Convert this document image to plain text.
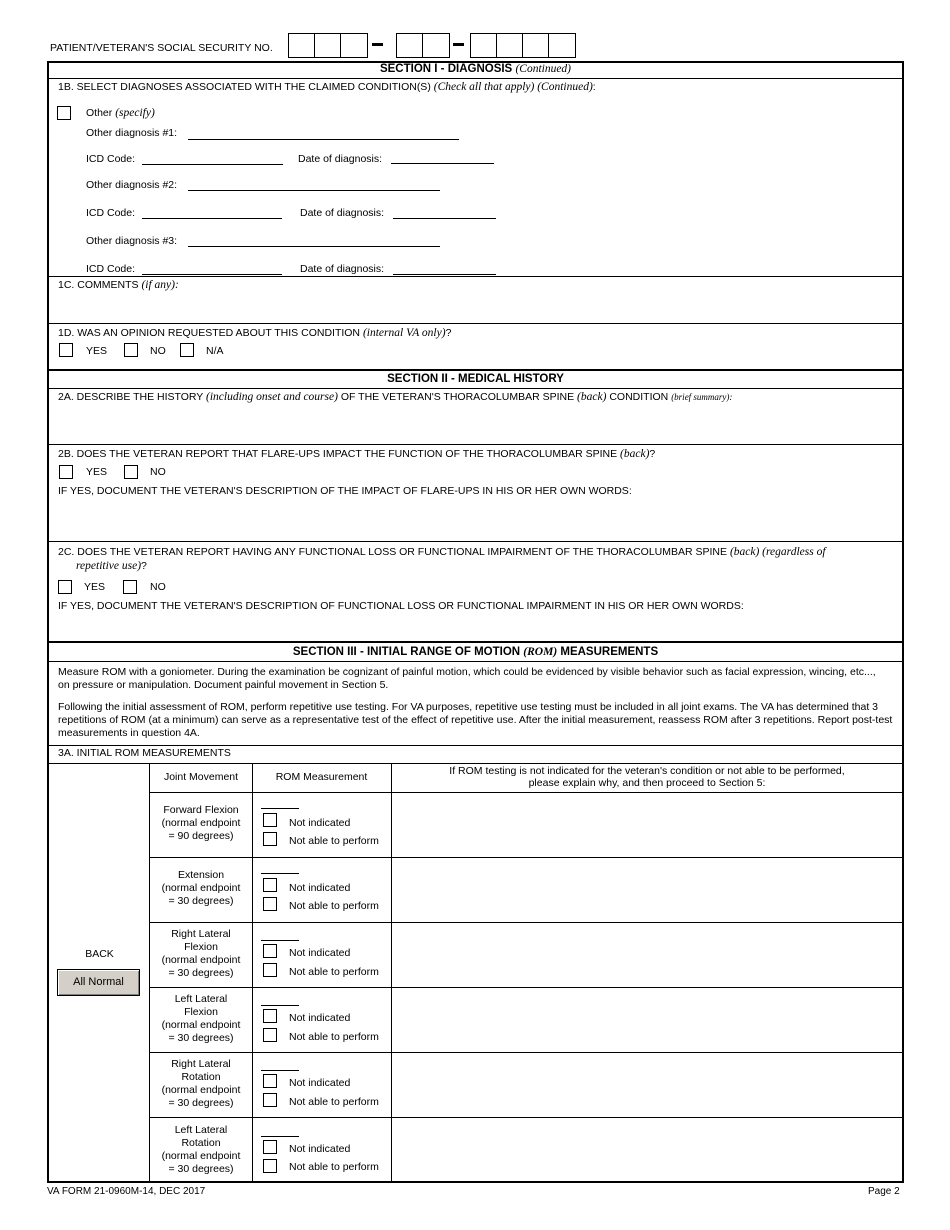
PATIENT/VETERAN'S SOCIAL SECURITY NO.
SECTION I - DIAGNOSIS (Continued)
1B. SELECT DIAGNOSES ASSOCIATED WITH THE CLAIMED CONDITION(S) (Check all that apply) (Continued):
Other (specify)
Other diagnosis #1:
ICD Code:	Date of diagnosis:
Other diagnosis #2:
ICD Code:	Date of diagnosis:
Other diagnosis #3:
ICD Code:	Date of diagnosis:
1C. COMMENTS (if any):
1D. WAS AN OPINION REQUESTED ABOUT THIS CONDITION (internal VA only)?
YES	NO	N/A
SECTION II - MEDICAL HISTORY
2A. DESCRIBE THE HISTORY (including onset and course) OF THE VETERAN'S THORACOLUMBAR SPINE (back) CONDITION (brief summary):
2B. DOES THE VETERAN REPORT THAT FLARE-UPS IMPACT THE FUNCTION OF THE THORACOLUMBAR SPINE (back)?
YES	NO
IF YES, DOCUMENT THE VETERAN'S DESCRIPTION OF THE IMPACT OF FLARE-UPS IN HIS OR HER OWN WORDS:
2C. DOES THE VETERAN REPORT HAVING ANY FUNCTIONAL LOSS OR FUNCTIONAL IMPAIRMENT OF THE THORACOLUMBAR SPINE (back) (regardless of
repetitive use)?
YES	NO
IF YES, DOCUMENT THE VETERAN'S DESCRIPTION OF FUNCTIONAL LOSS OR FUNCTIONAL IMPAIRMENT IN HIS OR HER OWN WORDS:
SECTION III - INITIAL RANGE OF MOTION (ROM) MEASUREMENTS
Measure ROM with a goniometer. During the examination be cognizant of painful motion, which could be evidenced by visible behavior such as facial expression, wincing, etc..., on pressure or manipulation. Document painful movement in Section 5.
Following the initial assessment of ROM, perform repetitive use testing. For VA purposes, repetitive use testing must be included in all joint exams. The VA has determined that 3 repetitions of ROM (at a minimum) can serve as a representative test of the effect of repetitive use. After the initial measurement, reassess ROM after 3 repetitions. Report post-test measurements in question 4A.
3A. INITIAL ROM MEASUREMENTS
Joint Movement	ROM Measurement	If ROM testing is not indicated for the veteran's condition or not able to be performed,
please explain why, and then proceed to Section 5:
BACK
All Normal
Forward Flexion
(normal endpoint
= 90 degrees)
Not indicated
Not able to perform
Extension
(normal endpoint
= 30 degrees)
Not indicated
Not able to perform
Right Lateral
Flexion
(normal endpoint
= 30 degrees)
Not indicated
Not able to perform
Left Lateral
Flexion
(normal endpoint
= 30 degrees)
Not indicated
Not able to perform
Right Lateral
Rotation
(normal endpoint
= 30 degrees)
Not indicated
Not able to perform
Left Lateral
Rotation
(normal endpoint
= 30 degrees)
Not indicated
Not able to perform
VA FORM 21-0960M-14, DEC 2017	Page 2
